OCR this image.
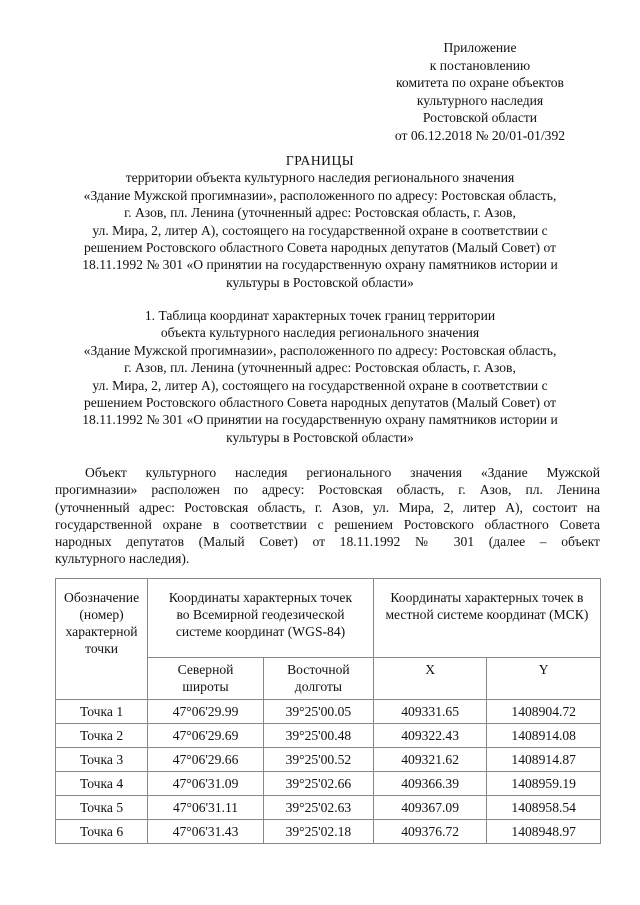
Приложение
к постановлению
комитета по охране объектов
культурного наследия
Ростовской области
от 06.12.2018 № 20/01-01/392
ГРАНИЦЫ
территории объекта культурного наследия регионального значения
«Здание Мужской прогимназии», расположенного по адресу: Ростовская область,
г. Азов, пл. Ленина (уточненный адрес: Ростовская область, г. Азов,
ул. Мира, 2, литер А), состоящего на государственной охране в соответствии с
решением Ростовского областного Совета народных депутатов (Малый Совет) от
18.11.1992 № 301 «О принятии на государственную охрану памятников истории и
культуры в Ростовской области»
1. Таблица координат характерных точек границ территории
объекта культурного наследия регионального значения
«Здание Мужской прогимназии», расположенного по адресу: Ростовская область,
г. Азов, пл. Ленина (уточненный адрес: Ростовская область, г. Азов,
ул. Мира, 2, литер А), состоящего на государственной охране в соответствии с
решением Ростовского областного Совета народных депутатов (Малый Совет) от
18.11.1992 № 301 «О принятии на государственную охрану памятников истории и
культуры в Ростовской области»
Объект культурного наследия регионального значения «Здание Мужской
прогимназии» расположен по адресу: Ростовская область, г. Азов, пл. Ленина
(уточненный адрес: Ростовская область, г. Азов, ул. Мира, 2, литер А), состоит на
государственной охране в соответствии с решением Ростовского областного Совета
народных депутатов (Малый Совет) от 18.11.1992 № 301 (далее – объект
культурного наследия).
Обозначение (номер) характерной точки	Координаты характерных точек во Всемирной геодезической системе координат (WGS-84)		Координаты характерных точек в местной системе координат (МСК)	
	Северной широты	Восточной долготы	X	Y
Точка 1	47°06'29.99	39°25'00.05	409331.65	1408904.72
Точка 2	47°06'29.69	39°25'00.48	409322.43	1408914.08
Точка 3	47°06'29.66	39°25'00.52	409321.62	1408914.87
Точка 4	47°06'31.09	39°25'02.66	409366.39	1408959.19
Точка 5	47°06'31.11	39°25'02.63	409367.09	1408958.54
Точка 6	47°06'31.43	39°25'02.18	409376.72	1408948.97
